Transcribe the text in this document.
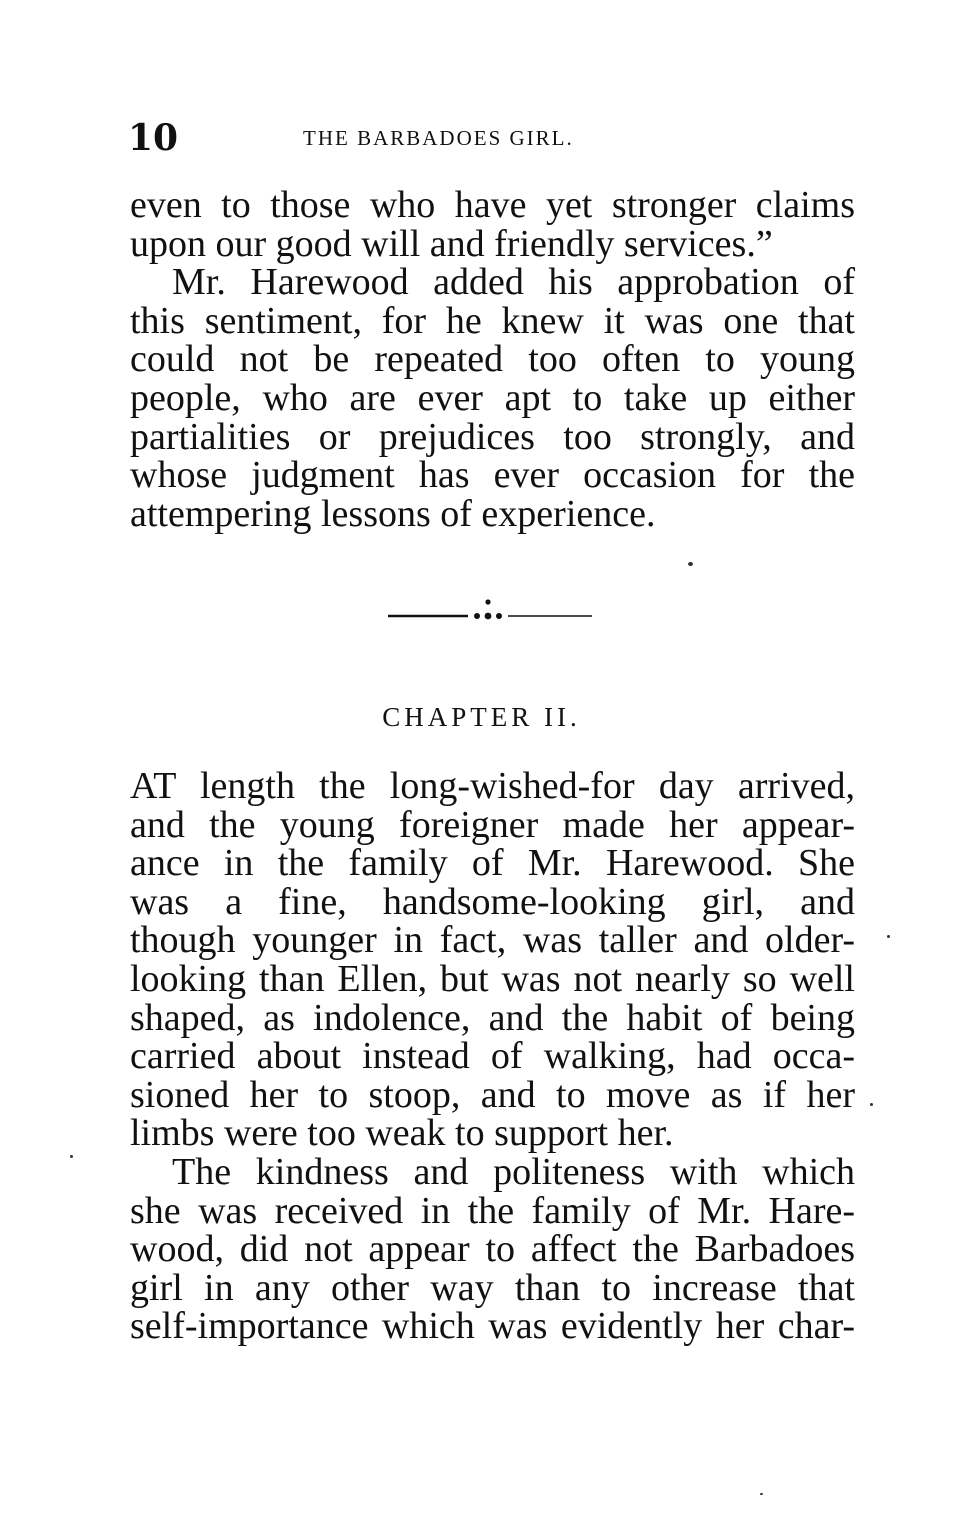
10	THE BARBADOES GIRL.
even to those who have yet stronger claims
upon our good will and friendly services.”
Mr. Harewood added his approbation of
this sentiment, for he knew it was one that
could not be repeated too often to young
people, who are ever apt to take up either
partialities or prejudices too strongly, and
whose judgment has ever occasion for the
attempering lessons of experience.
CHAPTER II.
AT length the long-wished-for day arrived,
and the young foreigner made her appear-
ance in the family of Mr. Harewood. She
was a fine, handsome-looking girl, and
though younger in fact, was taller and older-
looking than Ellen, but was not nearly so well
shaped, as indolence, and the habit of being
carried about instead of walking, had occa-
sioned her to stoop, and to move as if her
limbs were too weak to support her.
The kindness and politeness with which
she was received in the family of Mr. Hare-
wood, did not appear to affect the Barbadoes
girl in any other way than to increase that
self-importance which was evidently her char-
